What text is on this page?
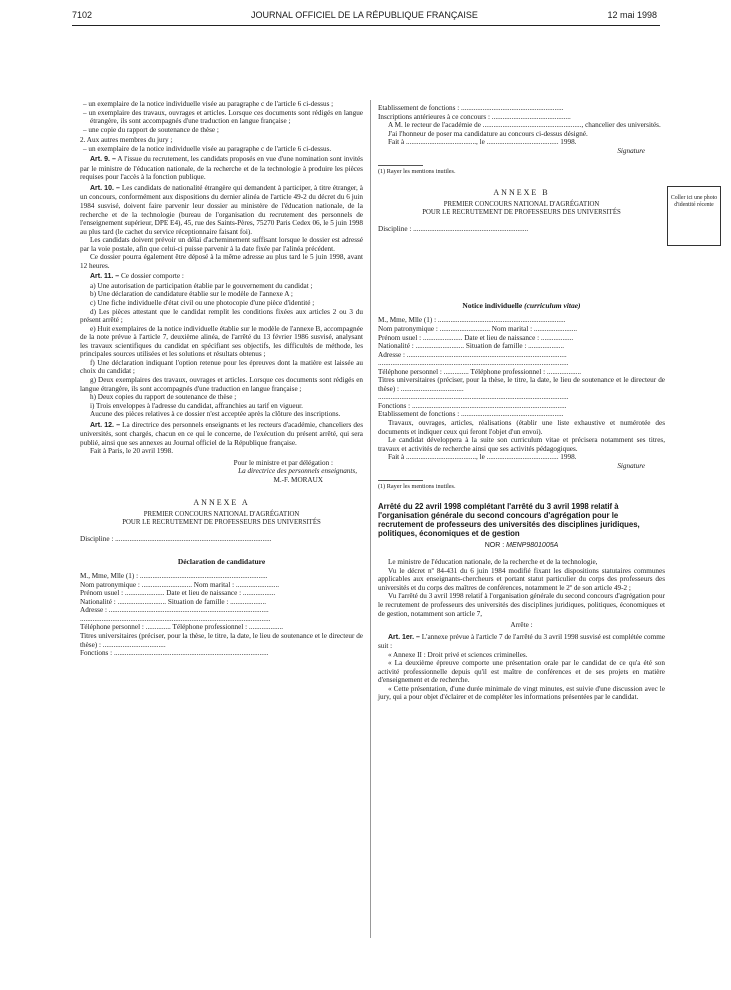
7102	JOURNAL OFFICIEL DE LA RÉPUBLIQUE FRANÇAISE	12 mai 1998

– un exemplaire de la notice individuelle visée au paragraphe c de l'article 6 ci-dessus ;

– un exemplaire des travaux, ouvrages et articles. Lorsque ces documents sont rédigés en langue étrangère, ils sont accompagnés d'une traduction en langue française ;

– une copie du rapport de soutenance de thèse ;

2. Aux autres membres du jury ;

– un exemplaire de la notice individuelle visée au paragraphe c de l'article 6 ci-dessus.

Art. 9. – A l'issue du recrutement, les candidats proposés en vue d'une nomination sont invités par le ministre de l'éducation nationale, de la recherche et de la technologie à produire les pièces requises pour l'accès à la fonction publique.

Art. 10. – Les candidats de nationalité étrangère qui demandent à participer, à titre étranger, à un concours, conformément aux dispositions du dernier alinéa de l'article 49-2 du décret du 6 juin 1984 susvisé, doivent faire parvenir leur dossier au ministère de l'éducation nationale, de la recherche et de la technologie (bureau de l'organisation du recrutement des personnels de l'enseignement supérieur, DPE E4), 45, rue des Saints-Pères, 75270 Paris Cedex 06, le 5 juin 1998 au plus tard (le cachet du service réceptionnaire faisant foi).

Les candidats doivent prévoir un délai d'acheminement suffisant lorsque le dossier est adressé par la voie postale, afin que celui-ci puisse parvenir à la date fixée par l'alinéa précédent.

Ce dossier pourra également être déposé à la même adresse au plus tard le 5 juin 1998, avant 12 heures.

Art. 11. – Ce dossier comporte :

a) Une autorisation de participation établie par le gouvernement du candidat ;

b) Une déclaration de candidature établie sur le modèle de l'annexe A ;

c) Une fiche individuelle d'état civil ou une photocopie d'une pièce d'identité ;

d) Les pièces attestant que le candidat remplit les conditions fixées aux articles 2 ou 3 du présent arrêté ;

e) Huit exemplaires de la notice individuelle établie sur le modèle de l'annexe B, accompagnée de la note prévue à l'article 7, deuxième alinéa, de l'arrêté du 13 février 1986 susvisé, analysant les travaux scientifiques du candidat en spécifiant ses objectifs, les difficultés de méthode, les principales sources utilisées et les solutions et résultats obtenus ;

f) Une déclaration indiquant l'option retenue pour les épreuves dont la matière est laissée au choix du candidat ;

g) Deux exemplaires des travaux, ouvrages et articles. Lorsque ces documents sont rédigés en langue étrangère, ils sont accompagnés d'une traduction en langue française ;

h) Deux copies du rapport de soutenance de thèse ;

i) Trois enveloppes à l'adresse du candidat, affranchies au tarif en vigueur.

Aucune des pièces relatives à ce dossier n'est acceptée après la clôture des inscriptions.

Art. 12. – La directrice des personnels enseignants et les recteurs d'académie, chanceliers des universités, sont chargés, chacun en ce qui le concerne, de l'exécution du présent arrêté, qui sera publié, ainsi que ses annexes au Journal officiel de la République française.

Fait à Paris, le 20 avril 1998.

Pour le ministre et par délégation :

La directrice des personnels enseignants,

M.-F. MORAUX

ANNEXE A

PREMIER CONCOURS NATIONAL D'AGRÉGATION

POUR LE RECRUTEMENT DE PROFESSEURS DES UNIVERSITÉS

Discipline : .......................................................................................

Déclaration de candidature

M., Mme, Mlle (1) : .......................................................................

Nom patronymique : ............................ Nom marital : ........................

Prénom usuel : ...................... Date et lieu de naissance : ..................

Nationalité : ........................... Situation de famille : ....................

Adresse : .........................................................................................

..........................................................................................................

Téléphone personnel : .............. Téléphone professionnel : ...................

Titres universitaires (préciser, pour la thèse, le titre, la date, le lieu de soutenance et le directeur de thèse) : ...................................

Fonctions : ......................................................................................

Etablissement de fonctions : .........................................................

Inscriptions antérieures à ce concours : ............................................

A M. le recteur de l'académie de ......................................................., chancelier des universités.

J'ai l'honneur de poser ma candidature au concours ci-dessus désigné.

Fait à ......................................., le ........................................ 1998.

Signature

(1) Rayer les mentions inutiles.

ANNEXE B

PREMIER CONCOURS NATIONAL D'AGRÉGATION

POUR LE RECRUTEMENT DE PROFESSEURS DES UNIVERSITÉS

Discipline : ................................................................

Notice individuelle (curriculum vitae)

M., Mme, Mlle (1) : .......................................................................

Nom patronymique : ............................ Nom marital : ........................

Prénom usuel : ...................... Date et lieu de naissance : ..................

Nationalité : ........................... Situation de famille : ....................

Adresse : .........................................................................................

..........................................................................................................

Téléphone personnel : .............. Téléphone professionnel : ...................

Titres universitaires (préciser, pour la thèse, le titre, la date, le lieu de soutenance et le directeur de thèse) : ...................................

..........................................................................................................

Fonctions : ......................................................................................

Etablissement de fonctions : .........................................................

Travaux, ouvrages, articles, réalisations (établir une liste exhaustive et numérotée des documents et indiquer ceux qui feront l'objet d'un envoi).

Le candidat développera à la suite son curriculum vitae et précisera notamment ses titres, travaux et activités de recherche ainsi que ses activités pédagogiques.

Fait à ......................................., le ........................................ 1998.

Signature

(1) Rayer les mentions inutiles.

Arrêté du 22 avril 1998 complétant l'arrêté du 3 avril 1998 relatif à l'organisation générale du second concours d'agrégation pour le recrutement de professeurs des universités des disciplines juridiques, politiques, économiques et de gestion

NOR : MENP9801005A

Le ministre de l'éducation nationale, de la recherche et de la technologie,

Vu le décret nº 84-431 du 6 juin 1984 modifié fixant les dispositions statutaires communes applicables aux enseignants-chercheurs et portant statut particulier du corps des professeurs des universités et du corps des maîtres de conférences, notamment le 2º de son article 49-2 ;

Vu l'arrêté du 3 avril 1998 relatif à l'organisation générale du second concours d'agrégation pour le recrutement de professeurs des universités des disciplines juridiques, politiques, économiques et de gestion, notamment son article 7,

Arrête :

Art. 1er. – L'annexe prévue à l'article 7 de l'arrêté du 3 avril 1998 susvisé est complétée comme suit :

« Annexe II : Droit privé et sciences criminelles.

« La deuxième épreuve comporte une présentation orale par le candidat de ce qu'a été son activité professionnelle depuis qu'il est maître de conférences et de ses projets en matière d'enseignement et de recherche.

« Cette présentation, d'une durée minimale de vingt minutes, est suivie d'une discussion avec le jury, qui a pour objet d'éclairer et de compléter les informations présentées par le candidat.

Coller ici une photo d'identité récente
